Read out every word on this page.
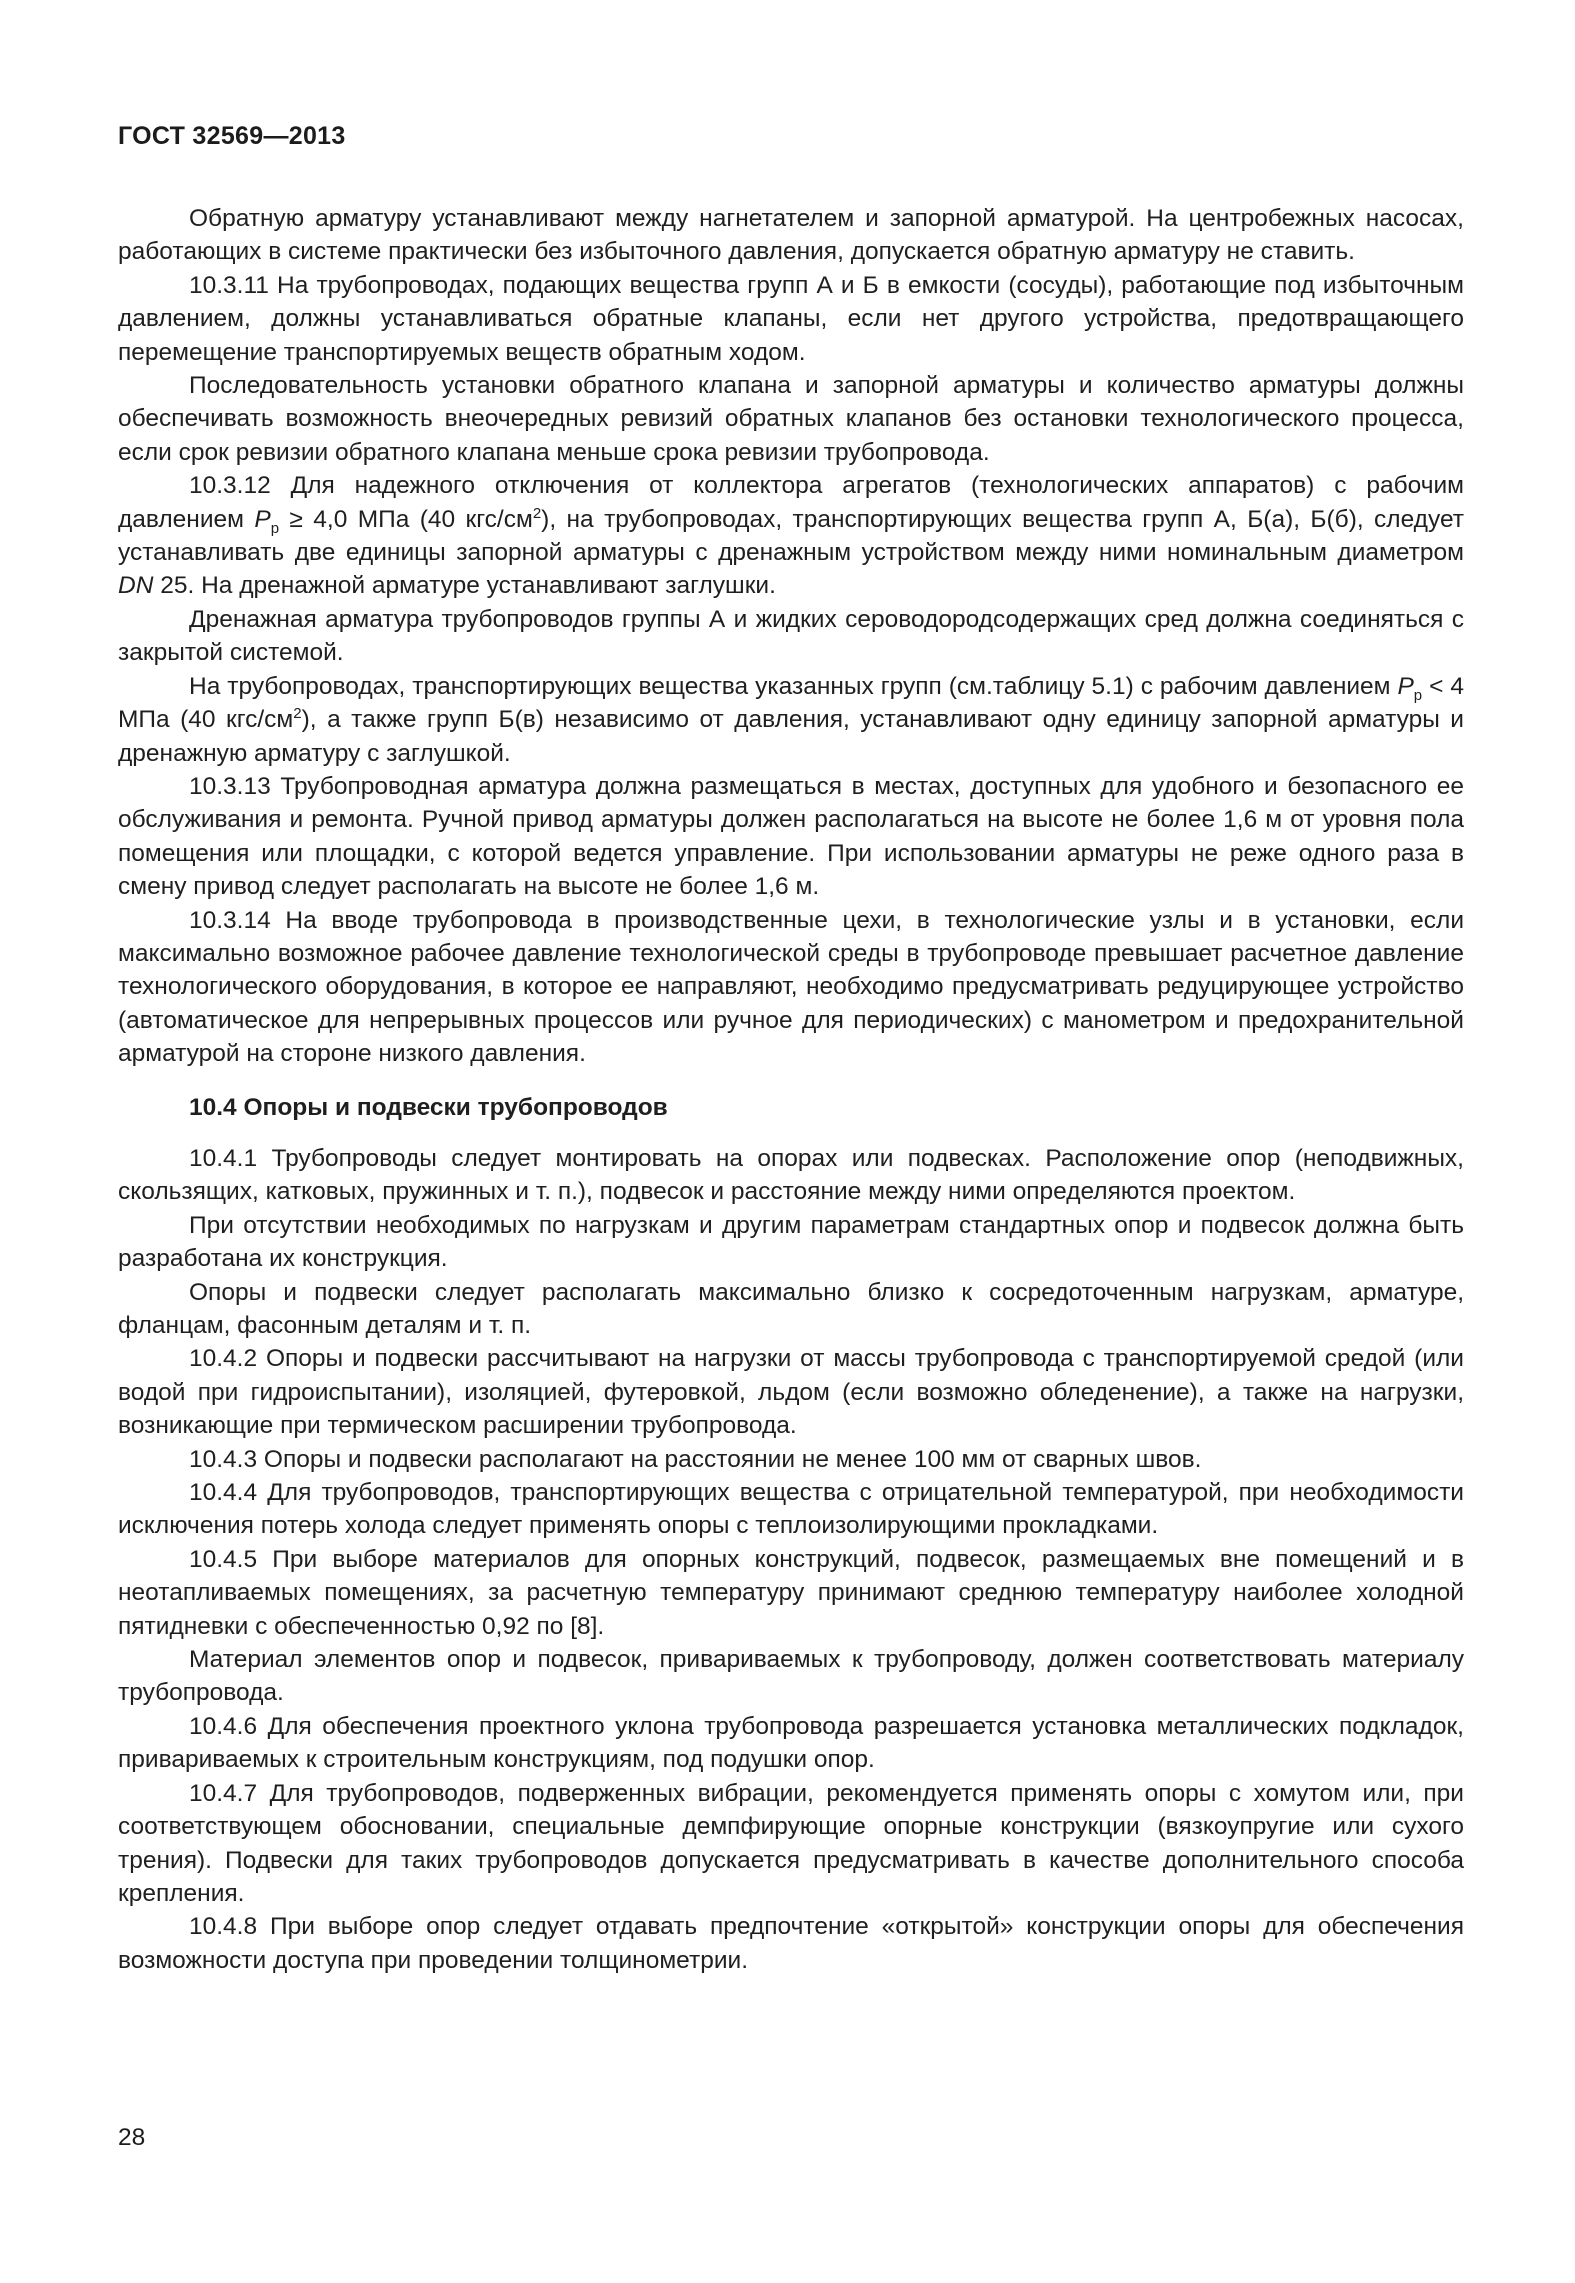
ГОСТ 32569—2013

Обратную арматуру устанавливают между нагнетателем и запорной арматурой. На центробежных насосах, работающих в системе практически без избыточного давления, допускается обратную арматуру не ставить.

10.3.11 На трубопроводах, подающих вещества групп А и Б в емкости (сосуды), работающие под избыточным давлением, должны устанавливаться обратные клапаны, если нет другого устройства, предотвращающего перемещение транспортируемых веществ обратным ходом.

Последовательность установки обратного клапана и запорной арматуры и количество арматуры должны обеспечивать возможность внеочередных ревизий обратных клапанов без остановки технологического процесса, если срок ревизии обратного клапана меньше срока ревизии трубопровода.

10.3.12 Для надежного отключения от коллектора агрегатов (технологических аппаратов) с рабочим давлением $P_p \ge 4,0$ МПа (40 кгс/$см^2$), на трубопроводах, транспортирующих вещества групп А, Б(а), Б(б), следует устанавливать две единицы запорной арматуры с дренажным устройством между ними номинальным диаметром DN 25. На дренажной арматуре устанавливают заглушки.

Дренажная арматура трубопроводов группы А и жидких сероводородсодержащих сред должна соединяться с закрытой системой.

На трубопроводах, транспортирующих вещества указанных групп (см.таблицу 5.1) с рабочим давлением $P_p < 4$ МПа (40 кгс/$см^2$), а также групп Б(в) независимо от давления, устанавливают одну единицу запорной арматуры и дренажную арматуру с заглушкой.

10.3.13 Трубопроводная арматура должна размещаться в местах, доступных для удобного и безопасного ее обслуживания и ремонта. Ручной привод арматуры должен располагаться на высоте не более 1,6 м от уровня пола помещения или площадки, с которой ведется управление. При использовании арматуры не реже одного раза в смену привод следует располагать на высоте не более 1,6 м.

10.3.14 На вводе трубопровода в производственные цехи, в технологические узлы и в установки, если максимально возможное рабочее давление технологической среды в трубопроводе превышает расчетное давление технологического оборудования, в которое ее направляют, необходимо предусматривать редуцирующее устройство (автоматическое для непрерывных процессов или ручное для периодических) с манометром и предохранительной арматурой на стороне низкого давления.

10.4 Опоры и подвески трубопроводов

10.4.1 Трубопроводы следует монтировать на опорах или подвесках. Расположение опор (неподвижных, скользящих, катковых, пружинных и т. п.), подвесок и расстояние между ними определяются проектом.

При отсутствии необходимых по нагрузкам и другим параметрам стандартных опор и подвесок должна быть разработана их конструкция.

Опоры и подвески следует располагать максимально близко к сосредоточенным нагрузкам, арматуре, фланцам, фасонным деталям и т. п.

10.4.2 Опоры и подвески рассчитывают на нагрузки от массы трубопровода с транспортируемой средой (или водой при гидроиспытании), изоляцией, футеровкой, льдом (если возможно обледенение), а также на нагрузки, возникающие при термическом расширении трубопровода.

10.4.3 Опоры и подвески располагают на расстоянии не менее 100 мм от сварных швов.

10.4.4 Для трубопроводов, транспортирующих вещества с отрицательной температурой, при необходимости исключения потерь холода следует применять опоры с теплоизолирующими прокладками.

10.4.5 При выборе материалов для опорных конструкций, подвесок, размещаемых вне помещений и в неотапливаемых помещениях, за расчетную температуру принимают среднюю температуру наиболее холодной пятидневки с обеспеченностью 0,92 по [8].

Материал элементов опор и подвесок, привариваемых к трубопроводу, должен соответствовать материалу трубопровода.

10.4.6 Для обеспечения проектного уклона трубопровода разрешается установка металлических подкладок, привариваемых к строительным конструкциям, под подушки опор.

10.4.7 Для трубопроводов, подверженных вибрации, рекомендуется применять опоры с хомутом или, при соответствующем обосновании, специальные демпфирующие опорные конструкции (вязкоупругие или сухого трения). Подвески для таких трубопроводов допускается предусматривать в качестве дополнительного способа крепления.

10.4.8 При выборе опор следует отдавать предпочтение «открытой» конструкции опоры для обеспечения возможности доступа при проведении толщинометрии.

28
